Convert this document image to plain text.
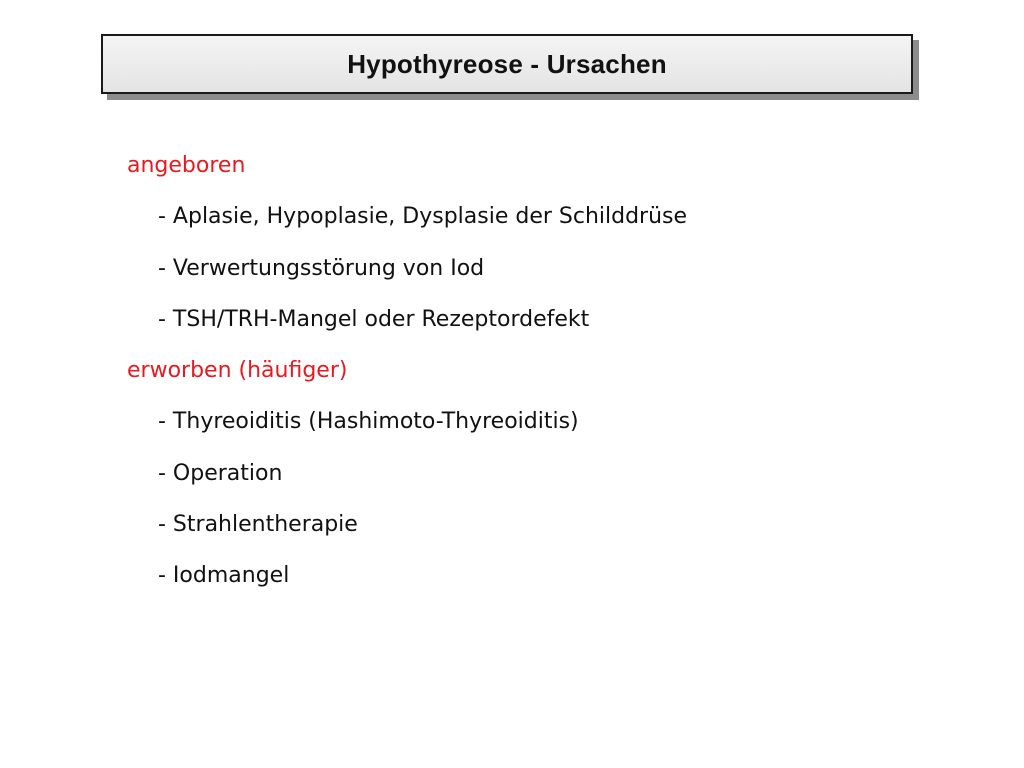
Hypothyreose - Ursachen
angeboren
- Aplasie, Hypoplasie, Dysplasie der Schilddrüse
- Verwertungsstörung von Iod
- TSH/TRH-Mangel oder Rezeptordefekt
erworben (häufiger)
- Thyreoiditis (Hashimoto-Thyreoiditis)
- Operation
- Strahlentherapie
- Iodmangel
